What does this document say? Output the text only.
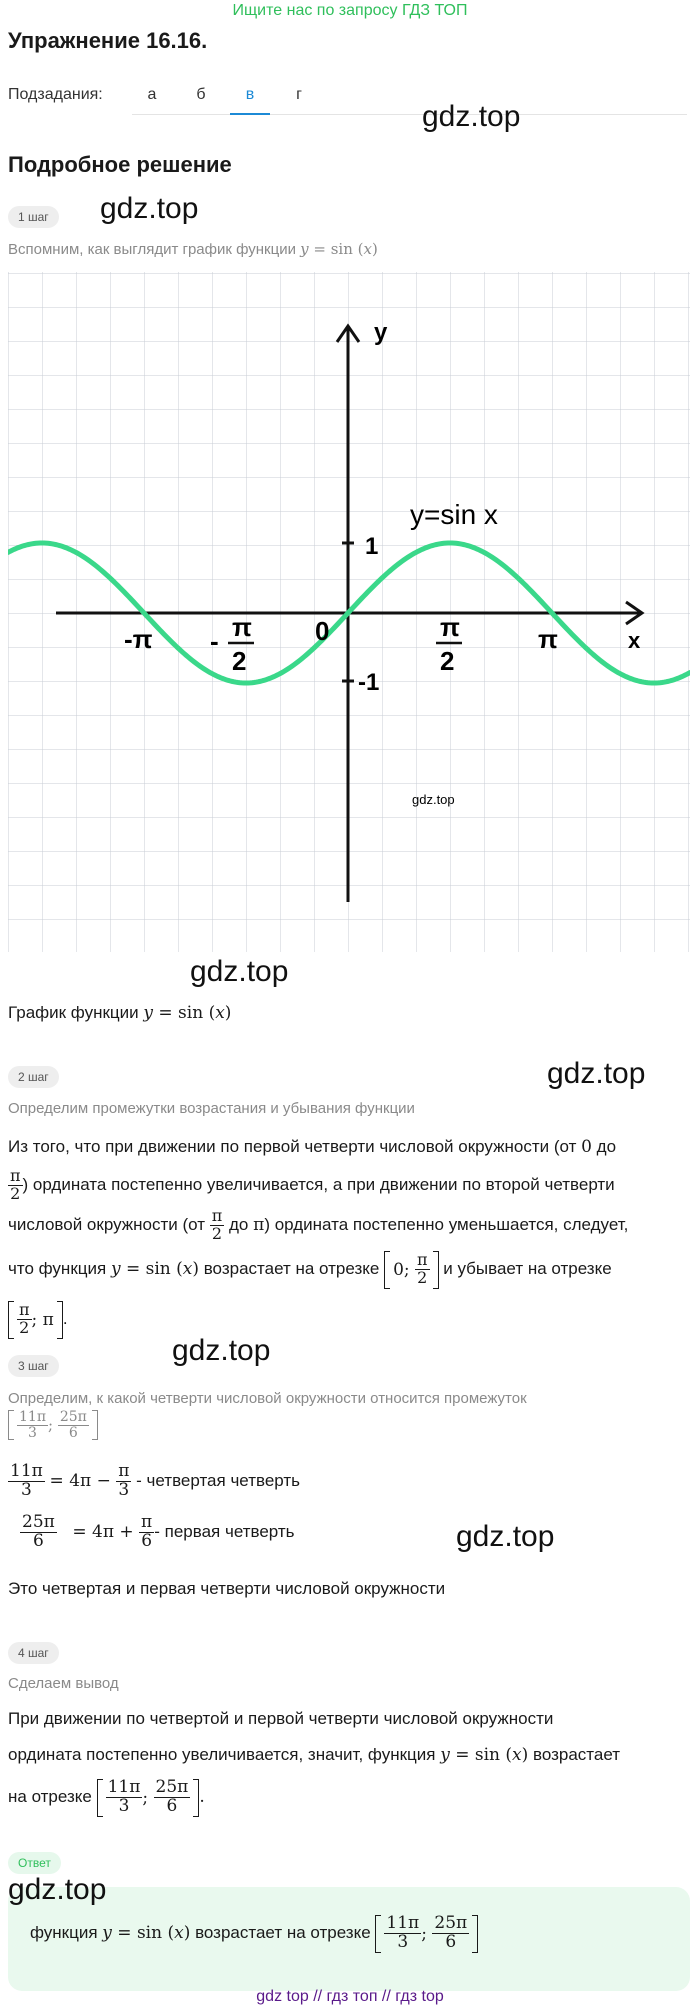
Ищите нас по запросу ГДЗ ТОП
Упражнение 16.16.
Подзадания:	а	б	в	г
gdz.top
Подробное решение
1 шаг	gdz.top
Вспомним, как выглядит график функции y = sin (x)
y
x
y=sin x
1
-1
0
-π - π
2
π
2
π
gdz.top
gdz.top
График функции y = sin (x)
2 шаг	gdz.top
Определим промежутки возрастания и убывания функции
Из того, что при движении по первой четверти числовой окружности (от 0 до
$\frac{\pi}{2}$ ) ордината постепенно увеличивается, а при движении по второй четверти
числовой окружности ($от \frac{\pi}{2}$ до π) ордината постепенно уменьшается, следует,
что функция y = sin (x) возрастает на отрезке 0; $\frac{\pi}{2}$ и убывает на отрезке
$\frac{\pi}{2}$ ; π .
3 шаг	gdz.top
Определим, к какой четверти числовой окружности относится промежуток
$\frac{11\pi}{3}$ ; $\frac{25\pi}{6}$
$\frac{11\pi}{3} = 4\pi - \frac{\pi}{3}$ - четвертая четверть
$\frac{25\pi}{6} = 4\pi + \frac{\pi}{6}$ - первая четверть	gdz.top
Это четвертая и первая четверти числовой окружности
4 шаг
Сделаем вывод
При движении по четвертой и первой четверти числовой окружности
ордината постепенно увеличивается, значит, функция y = sin (x) возрастает
на отрезке $\frac{11\pi}{3}$ ; $\frac{25\pi}{6}$ .
Ответ
gdz.top
функция y = sin (x) возрастает на отрезке $\frac{11\pi}{3}$ ; $\frac{25\pi}{6}$
gdz top // гдз топ // гдз top
